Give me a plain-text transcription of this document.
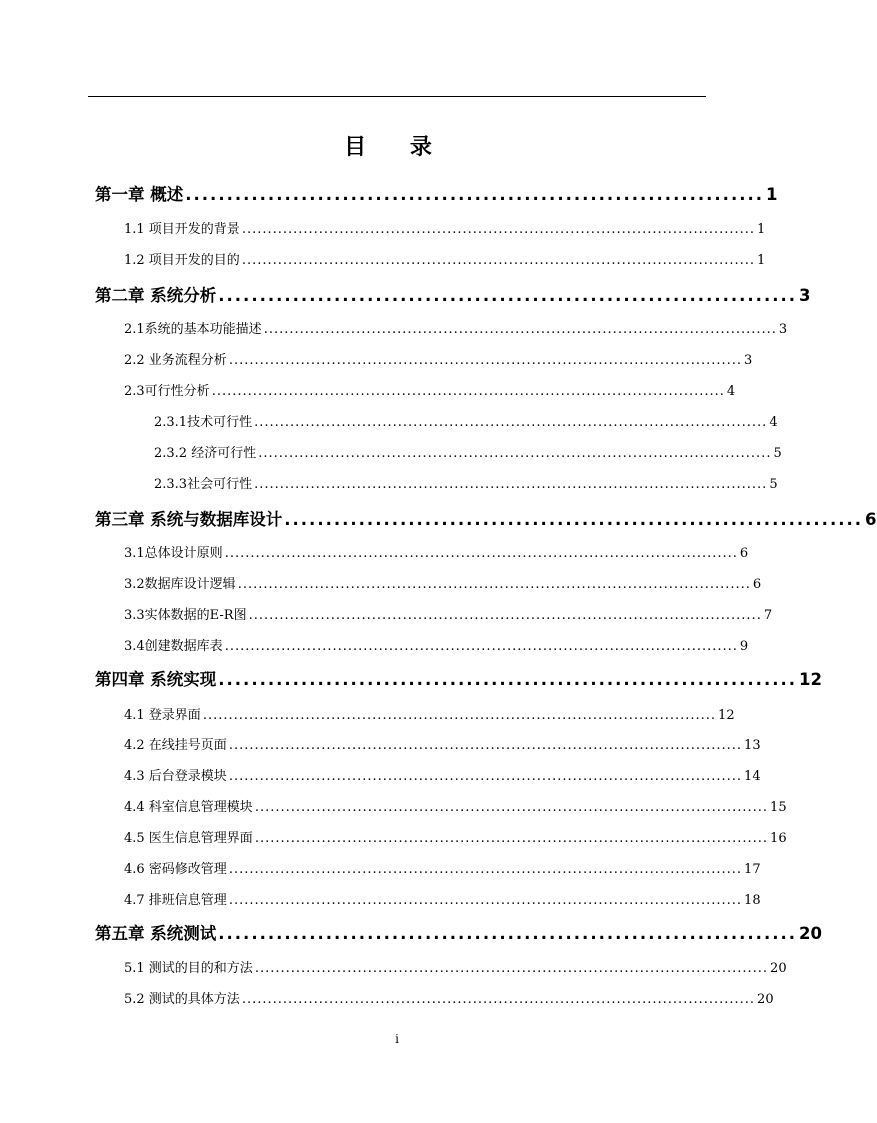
目 录
第一章 概述 ...................................................................... 1
1.1 项目开发的背景 .................................................................................................... 1
1.2 项目开发的目的 .................................................................................................... 1
第二章 系统分析 ...................................................................... 3
2.1系统的基本功能描述 .................................................................................................... 3
2.2 业务流程分析 .................................................................................................... 3
2.3可行性分析 .................................................................................................... 4
2.3.1技术可行性 .................................................................................................... 4
2.3.2 经济可行性 .................................................................................................... 5
2.3.3社会可行性 .................................................................................................... 5
第三章 系统与数据库设计 ...................................................................... 6
3.1总体设计原则 .................................................................................................... 6
3.2数据库设计逻辑 .................................................................................................... 6
3.3实体数据的E-R图 .................................................................................................... 7
3.4创建数据库表 .................................................................................................... 9
第四章 系统实现 ...................................................................... 12
4.1 登录界面 .................................................................................................... 12
4.2 在线挂号页面 .................................................................................................... 13
4.3 后台登录模块 .................................................................................................... 14
4.4 科室信息管理模块 .................................................................................................... 15
4.5 医生信息管理界面 .................................................................................................... 16
4.6 密码修改管理 .................................................................................................... 17
4.7 排班信息管理 .................................................................................................... 18
第五章 系统测试 ...................................................................... 20
5.1 测试的目的和方法 .................................................................................................... 20
5.2 测试的具体方法 .................................................................................................... 20
i
